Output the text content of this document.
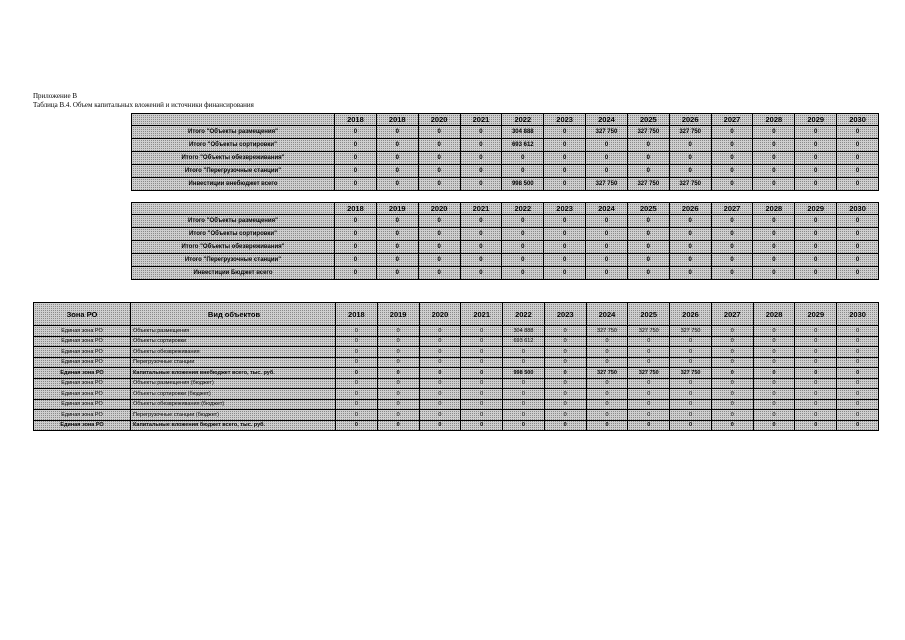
Приложение В
Таблица В.4. Объем капитальных вложений и источники финансирования
	2018	2018	2020	2021	2022	2023	2024	2025	2026	2027	2028	2029	2030
Итого "Объекты размещения"	0	0	0	0	304 888	0	327 750	327 750	327 750	0	0	0	0
Итого "Объекты сортировки"	0	0	0	0	693 612	0	0	0	0	0	0	0	0
Итого "Объекты обезвреживания"	0	0	0	0	0	0	0	0	0	0	0	0	0
Итого "Перегрузочные станции"	0	0	0	0	0	0	0	0	0	0	0	0	0
Инвестиции внебюджет всего	0	0	0	0	998 500	0	327 750	327 750	327 750	0	0	0	0
	2018	2019	2020	2021	2022	2023	2024	2025	2026	2027	2028	2029	2030
Итого "Объекты размещения"	0	0	0	0	0	0	0	0	0	0	0	0	0
Итого "Объекты сортировки"	0	0	0	0	0	0	0	0	0	0	0	0	0
Итого "Объекты обезвреживания"	0	0	0	0	0	0	0	0	0	0	0	0	0
Итого "Перегрузочные станции"	0	0	0	0	0	0	0	0	0	0	0	0	0
Инвестиции Бюджет всего	0	0	0	0	0	0	0	0	0	0	0	0	0
Зона РО	Вид объектов	2018	2019	2020	2021	2022	2023	2024	2025	2026	2027	2028	2029	2030
Единая зона РО	Объекты размещения	0	0	0	0	304 888	0	327 750	327 750	327 750	0	0	0	0
Единая зона РО	Объекты сортировки	0	0	0	0	693 612	0	0	0	0	0	0	0	0
Единая зона РО	Объекты обезвреживания	0	0	0	0	0	0	0	0	0	0	0	0	0
Единая зона РО	Перегрузочные станции	0	0	0	0	0	0	0	0	0	0	0	0	0
Единая зона РО	Капитальные вложения внебюджет всего, тыс. руб.	0	0	0	0	998 500	0	327 750	327 750	327 750	0	0	0	0
Единая зона РО	Объекты размещения (бюджет)	0	0	0	0	0	0	0	0	0	0	0	0	0
Единая зона РО	Объекты сортировки (бюджет)	0	0	0	0	0	0	0	0	0	0	0	0	0
Единая зона РО	Объекты обезвреживания (бюджет)	0	0	0	0	0	0	0	0	0	0	0	0	0
Единая зона РО	Перегрузочные станции (бюджет)	0	0	0	0	0	0	0	0	0	0	0	0	0
Единая зона РО	Капитальные вложения бюджет всего, тыс. руб.	0	0	0	0	0	0	0	0	0	0	0	0	0
